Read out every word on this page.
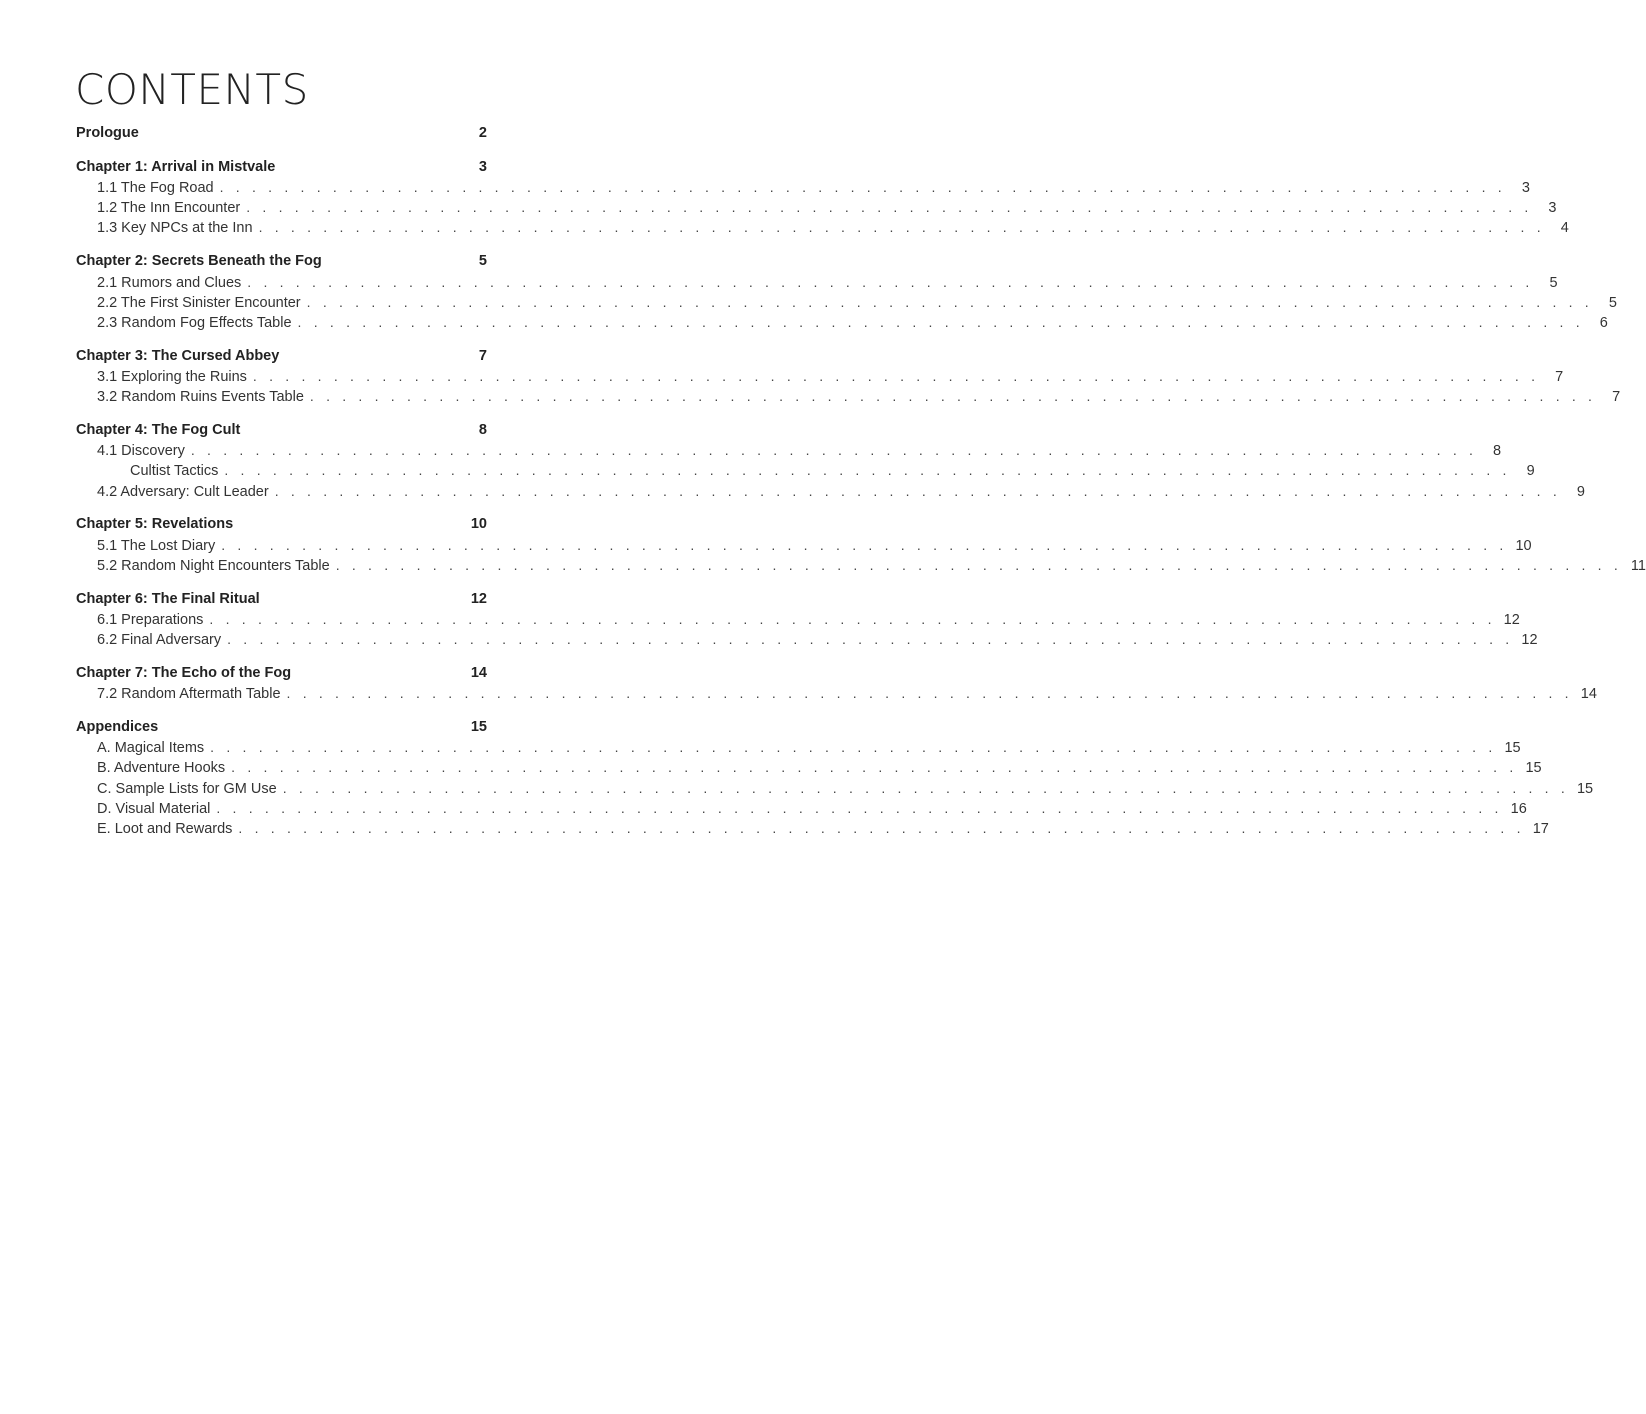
CONTENTS
Prologue	2
Chapter 1: Arrival in Mistvale	3
1.1 The Fog Road . . . . . . . . . . . . . . . . . . . . . . . . . . . . . . . . . . . . . . . . . . . . . . . . . . . . . . . . . . . . . . . . . . . . . . . . . . . . . . . .	3
1.2 The Inn Encounter . . . . . . . . . . . . . . . . . . . . . . . . . . . . . . . . . . . . . . . . . . . . . . . . . . . . . . . . . . . . . . . . . . . . . . . . . . . . . . . .	3
1.3 Key NPCs at the Inn . . . . . . . . . . . . . . . . . . . . . . . . . . . . . . . . . . . . . . . . . . . . . . . . . . . . . . . . . . . . . . . . . . . . . . . . . . . . . . . .	4
Chapter 2: Secrets Beneath the Fog	5
2.1 Rumors and Clues . . . . . . . . . . . . . . . . . . . . . . . . . . . . . . . . . . . . . . . . . . . . . . . . . . . . . . . . . . . . . . . . . . . . . . . . . . . . . . . .	5
2.2 The First Sinister Encounter . . . . . . . . . . . . . . . . . . . . . . . . . . . . . . . . . . . . . . . . . . . . . . . . . . . . . . . . . . . . . . . . . . . . . . . . . . . . . . . .	5
2.3 Random Fog Effects Table . . . . . . . . . . . . . . . . . . . . . . . . . . . . . . . . . . . . . . . . . . . . . . . . . . . . . . . . . . . . . . . . . . . . . . . . . . . . . . . .	6
Chapter 3: The Cursed Abbey	7
3.1 Exploring the Ruins . . . . . . . . . . . . . . . . . . . . . . . . . . . . . . . . . . . . . . . . . . . . . . . . . . . . . . . . . . . . . . . . . . . . . . . . . . . . . . . .	7
3.2 Random Ruins Events Table . . . . . . . . . . . . . . . . . . . . . . . . . . . . . . . . . . . . . . . . . . . . . . . . . . . . . . . . . . . . . . . . . . . . . . . . . . . . . . . .	7
Chapter 4: The Fog Cult	8
4.1 Discovery . . . . . . . . . . . . . . . . . . . . . . . . . . . . . . . . . . . . . . . . . . . . . . . . . . . . . . . . . . . . . . . . . . . . . . . . . . . . . . . .	8
Cultist Tactics . . . . . . . . . . . . . . . . . . . . . . . . . . . . . . . . . . . . . . . . . . . . . . . . . . . . . . . . . . . . . . . . . . . . . . . . . . . . . . . .	9
4.2 Adversary: Cult Leader . . . . . . . . . . . . . . . . . . . . . . . . . . . . . . . . . . . . . . . . . . . . . . . . . . . . . . . . . . . . . . . . . . . . . . . . . . . . . . . .	9
Chapter 5: Revelations	10
5.1 The Lost Diary . . . . . . . . . . . . . . . . . . . . . . . . . . . . . . . . . . . . . . . . . . . . . . . . . . . . . . . . . . . . . . . . . . . . . . . . . . . . . . . . 10
5.2 Random Night Encounters Table . . . . . . . . . . . . . . . . . . . . . . . . . . . . . . . . . . . . . . . . . . . . . . . . . . . . . . . . . . . . . . . . . . . . . . . . . . . . . . . . 11
Chapter 6: The Final Ritual	12
6.1 Preparations . . . . . . . . . . . . . . . . . . . . . . . . . . . . . . . . . . . . . . . . . . . . . . . . . . . . . . . . . . . . . . . . . . . . . . . . . . . . . . . . 12
6.2 Final Adversary . . . . . . . . . . . . . . . . . . . . . . . . . . . . . . . . . . . . . . . . . . . . . . . . . . . . . . . . . . . . . . . . . . . . . . . . . . . . . . . . 12
Chapter 7: The Echo of the Fog	14
7.2 Random Aftermath Table . . . . . . . . . . . . . . . . . . . . . . . . . . . . . . . . . . . . . . . . . . . . . . . . . . . . . . . . . . . . . . . . . . . . . . . . . . . . . . . . 14
Appendices	15
A. Magical Items . . . . . . . . . . . . . . . . . . . . . . . . . . . . . . . . . . . . . . . . . . . . . . . . . . . . . . . . . . . . . . . . . . . . . . . . . . . . . . . . 15
B. Adventure Hooks . . . . . . . . . . . . . . . . . . . . . . . . . . . . . . . . . . . . . . . . . . . . . . . . . . . . . . . . . . . . . . . . . . . . . . . . . . . . . . . . 15
C. Sample Lists for GM Use . . . . . . . . . . . . . . . . . . . . . . . . . . . . . . . . . . . . . . . . . . . . . . . . . . . . . . . . . . . . . . . . . . . . . . . . . . . . . . . . 15
D. Visual Material . . . . . . . . . . . . . . . . . . . . . . . . . . . . . . . . . . . . . . . . . . . . . . . . . . . . . . . . . . . . . . . . . . . . . . . . . . . . . . . . 16
E. Loot and Rewards . . . . . . . . . . . . . . . . . . . . . . . . . . . . . . . . . . . . . . . . . . . . . . . . . . . . . . . . . . . . . . . . . . . . . . . . . . . . . . . . 17
